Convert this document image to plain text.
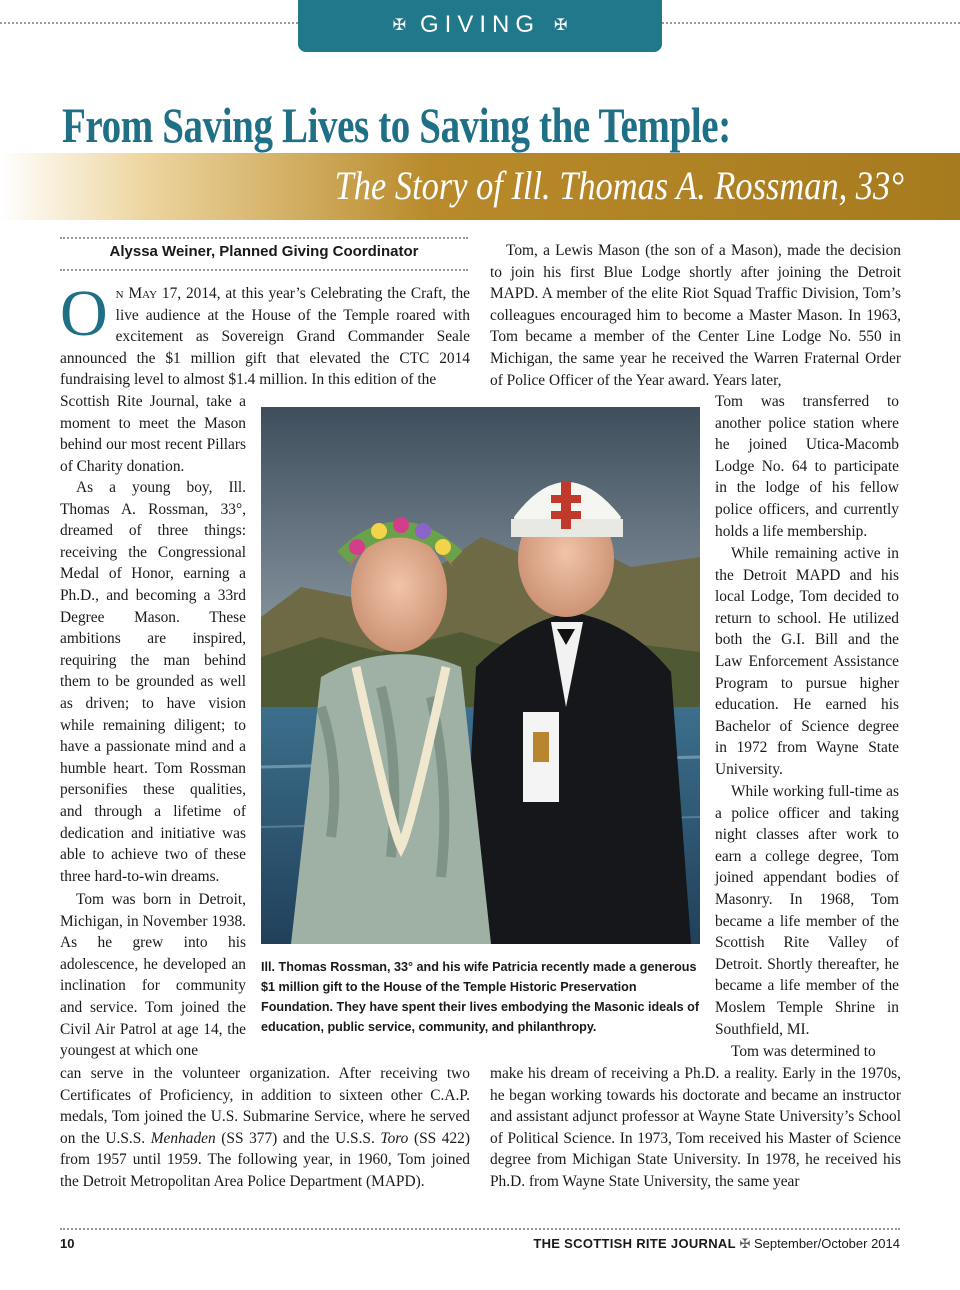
✠ GIVING ✠
From Saving Lives to Saving the Temple:
The Story of Ill. Thomas A. Rossman, 33°
Alyssa Weiner, Planned Giving Coordinator

On May 17, 2014, at this year’s Celebrating the Craft, the live audience at the House of the Temple roared with excitement as Sovereign Grand Commander Seale announced the $1 million gift that elevated the CTC 2014 fundraising level to almost $1.4 million. In this edition of the

Scottish Rite Journal, take a moment to meet the Mason behind our most recent Pillars of Charity donation.

As a young boy, Ill. Thomas A. Rossman, 33°, dreamed of three things: receiving the Congressional Medal of Honor, earning a Ph.D., and becoming a 33rd Degree Mason. These ambitions are inspired, requiring the man behind them to be grounded as well as driven; to have vision while remaining diligent; to have a passionate mind and a humble heart. Tom Rossman personifies these qualities, and through a lifetime of dedication and initiative was able to achieve two of these three hard-to-win dreams.

Tom was born in Detroit, Michigan, in November 1938. As he grew into his adolescence, he developed an inclination for community and service. Tom joined the Civil Air Patrol at age 14, the youngest at which one

can serve in the volunteer organization. After receiving two Certificates of Proficiency, in addition to sixteen other C.A.P. medals, Tom joined the U.S. Submarine Service, where he served on the U.S.S. Menhaden (SS 377) and the U.S.S. Toro (SS 422) from 1957 until 1959. The following year, in 1960, Tom joined the Detroit Metropolitan Area Police Department (MAPD).

Tom, a Lewis Mason (the son of a Mason), made the decision to join his first Blue Lodge shortly after joining the Detroit MAPD. A member of the elite Riot Squad Traffic Division, Tom’s colleagues encouraged him to become a Master Mason. In 1963, Tom became a member of the Center Line Lodge No. 550 in Michigan, the same year he received the Warren Fraternal Order of Police Officer of the Year award. Years later,

Tom was transferred to another police station where he joined Utica-Macomb Lodge No. 64 to participate in the lodge of his fellow police officers, and currently holds a life membership.

While remaining active in the Detroit MAPD and his local Lodge, Tom decided to return to school. He utilized both the G.I. Bill and the Law Enforcement Assistance Program to pursue higher education. He earned his Bachelor of Science degree in 1972 from Wayne State University.

While working full-time as a police officer and taking night classes after work to earn a college degree, Tom joined appendant bodies of Masonry. In 1968, Tom became a life member of the Scottish Rite Valley of Detroit. Shortly thereafter, he became a life member of the Moslem Temple Shrine in Southfield, MI.

Tom was determined to

make his dream of receiving a Ph.D. a reality. Early in the 1970s, he began working towards his doctorate and became an instructor and assistant adjunct professor at Wayne State University’s School of Political Science. In 1973, Tom received his Master of Science degree from Michigan State University. In 1978, he received his Ph.D. from Wayne State University, the same year

Ill. Thomas Rossman, 33° and his wife Patricia recently made a generous $1 million gift to the House of the Temple Historic Preservation Foundation. They have spent their lives embodying the Masonic ideals of education, public service, community, and philanthropy.
10	THE SCOTTISH RITE JOURNAL ✠ September/October 2014
